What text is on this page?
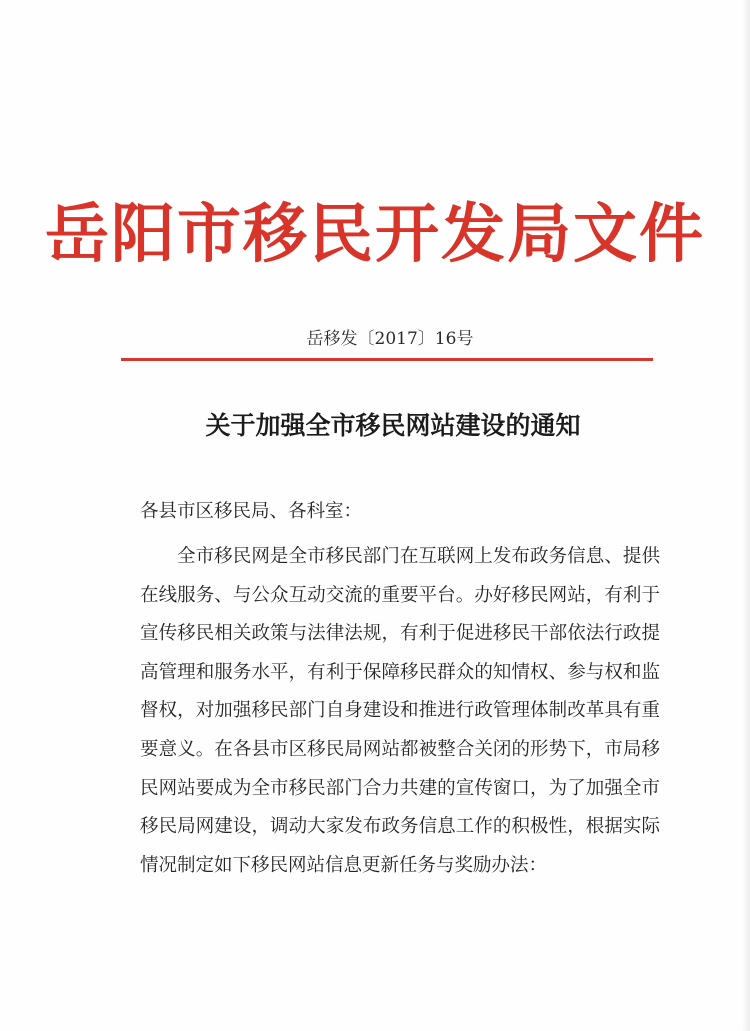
岳阳市移民开发局文件
岳移发〔2017〕16号
关于加强全市移民网站建设的通知
各县市区移民局、各科室：

全市移民网是全市移民部门在互联网上发布政务信息、提供在线服务、与公众互动交流的重要平台。办好移民网站，有利于宣传移民相关政策与法律法规，有利于促进移民干部依法行政提高管理和服务水平，有利于保障移民群众的知情权、参与权和监督权，对加强移民部门自身建设和推进行政管理体制改革具有重要意义。在各县市区移民局网站都被整合关闭的形势下，市局移民网站要成为全市移民部门合力共建的宣传窗口，为了加强全市移民局网建设，调动大家发布政务信息工作的积极性，根据实际情况制定如下移民网站信息更新任务与奖励办法：
